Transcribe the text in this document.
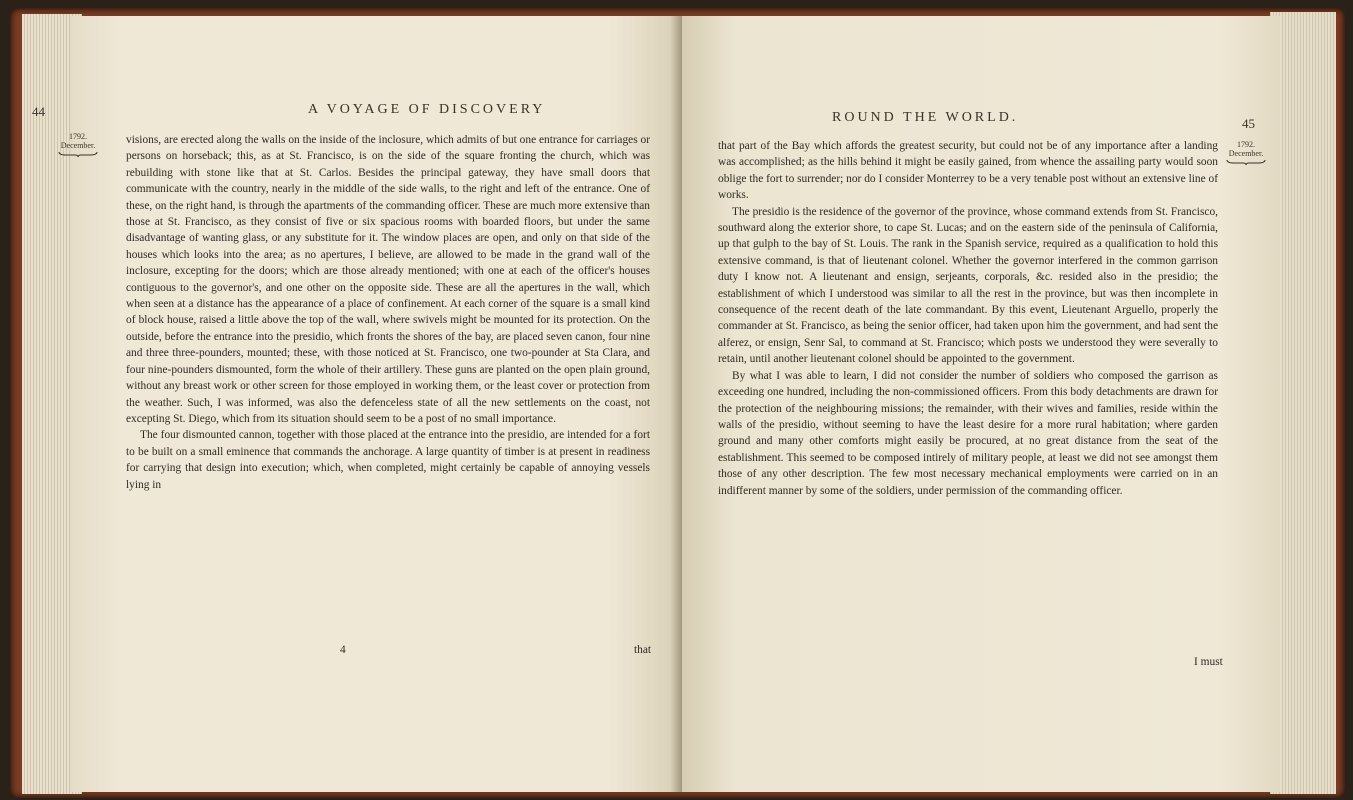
44	A VOYAGE OF DISCOVERY
1792.
December.	visions, are erected along the walls on the inside of the inclosure, which admits of but one entrance for carriages or persons on horseback; this, as at St. Francisco, is on the side of the square fronting the church, which was rebuilding with stone like that at St. Carlos. Besides the principal gateway, they have small doors that communicate with the country, nearly in the middle of the side walls, to the right and left of the entrance. One of these, on the right hand, is through the apartments of the commanding officer. These are much more extensive than those at St. Francisco, as they consist of five or six spacious rooms with boarded floors, but under the same disadvantage of wanting glass, or any substitute for it. The window places are open, and only on that side of the houses which looks into the area; as no apertures, I believe, are allowed to be made in the grand wall of the inclosure, excepting for the doors; which are those already mentioned; with one at each of the officer's houses contiguous to the governor's, and one other on the opposite side. These are all the apertures in the wall, which when seen at a distance has the appearance of a place of confinement. At each corner of the square is a small kind of block house, raised a little above the top of the wall, where swivels might be mounted for its protection. On the outside, before the entrance into the presidio, which fronts the shores of the bay, are placed seven canon, four nine and three three-pounders, mounted; these, with those noticed at St. Francisco, one two-pounder at Sta Clara, and four nine-pounders dismounted, form the whole of their artillery. These guns are planted on the open plain ground, without any breast work or other screen for those employed in working them, or the least cover or protection from the weather. Such, I was informed, was also the defenceless state of all the new settlements on the coast, not excepting St. Diego, which from its situation should seem to be a post of no small importance.

The four dismounted cannon, together with those placed at the entrance into the presidio, are intended for a fort to be built on a small eminence that commands the anchorage. A large quantity of timber is at present in readiness for carrying that design into execution; which, when completed, might certainly be capable of annoying vessels lying in

4	that
ROUND THE WORLD.	45
1792.
December.

that part of the Bay which affords the greatest security, but could not be of any importance after a landing was accomplished; as the hills behind it might be easily gained, from whence the assailing party would soon oblige the fort to surrender; nor do I consider Monterrey to be a very tenable post without an extensive line of works.

The presidio is the residence of the governor of the province, whose command extends from St. Francisco, southward along the exterior shore, to cape St. Lucas; and on the eastern side of the peninsula of California, up that gulph to the bay of St. Louis. The rank in the Spanish service, required as a qualification to hold this extensive command, is that of lieutenant colonel. Whether the governor interfered in the common garrison duty I know not. A lieutenant and ensign, serjeants, corporals, &c. resided also in the presidio; the establishment of which I understood was similar to all the rest in the province, but was then incomplete in consequence of the recent death of the late commandant. By this event, Lieutenant Arguello, properly the commander at St. Francisco, as being the senior officer, had taken upon him the government, and had sent the alferez, or ensign, Senr Sal, to command at St. Francisco; which posts we understood they were severally to retain, until another lieutenant colonel should be appointed to the government.

By what I was able to learn, I did not consider the number of soldiers who composed the garrison as exceeding one hundred, including the non-commissioned officers. From this body detachments are drawn for the protection of the neighbouring missions; the remainder, with their wives and families, reside within the walls of the presidio, without seeming to have the least desire for a more rural habitation; where garden ground and many other comforts might easily be procured, at no great distance from the seat of the establishment. This seemed to be composed intirely of military people, at least we did not see amongst them those of any other description. The few most necessary mechanical employments were carried on in an indifferent manner by some of the soldiers, under permission of the commanding officer.

I must
